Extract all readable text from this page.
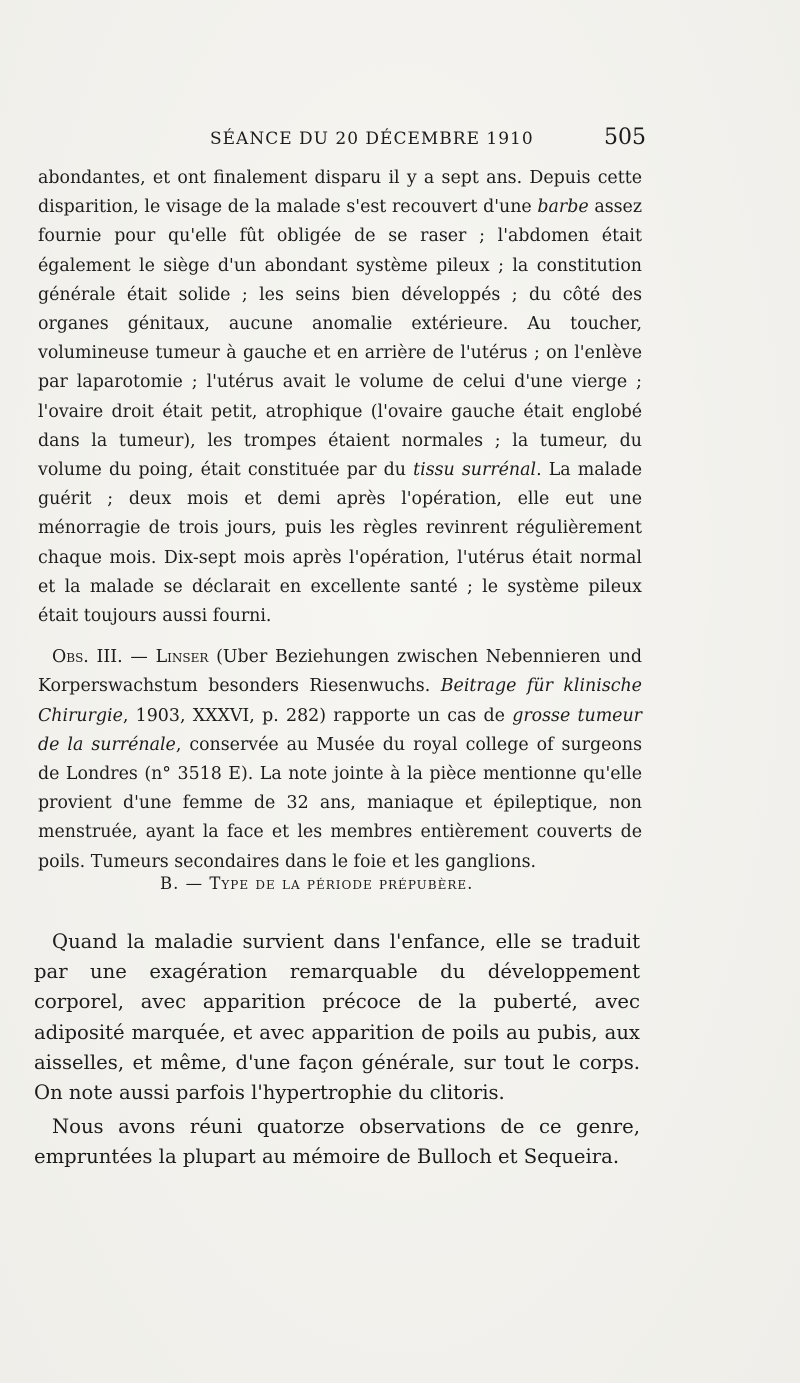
SÉANCE DU 20 DÉCEMBRE 1910	505

abondantes, et ont finalement disparu il y a sept ans. Depuis cette disparition, le visage de la malade s'est recouvert d'une barbe assez fournie pour qu'elle fût obligée de se raser ; l'abdomen était également le siège d'un abondant système pileux ; la constitution générale était solide ; les seins bien développés ; du côté des organes génitaux, aucune anomalie extérieure. Au toucher, volumineuse tumeur à gauche et en arrière de l'utérus ; on l'enlève par laparotomie ; l'utérus avait le volume de celui d'une vierge ; l'ovaire droit était petit, atrophique (l'ovaire gauche était englobé dans la tumeur), les trompes étaient normales ; la tumeur, du volume du poing, était constituée par du tissu surrénal. La malade guérit ; deux mois et demi après l'opération, elle eut une ménorragie de trois jours, puis les règles revinrent régulièrement chaque mois. Dix-sept mois après l'opération, l'utérus était normal et la malade se déclarait en excellente santé ; le système pileux était toujours aussi fourni.

Obs. III. — Linser (Uber Beziehungen zwischen Nebennieren und Korperswachstum besonders Riesenwuchs. Beitrage für klinische Chirurgie, 1903, XXXVI, p. 282) rapporte un cas de grosse tumeur de la surrénale, conservée au Musée du royal college of surgeons de Londres (n° 3518 E). La note jointe à la pièce mentionne qu'elle provient d'une femme de 32 ans, maniaque et épileptique, non menstruée, ayant la face et les membres entièrement couverts de poils. Tumeurs secondaires dans le foie et les ganglions.

B. — Type de la période prépubère.

Quand la maladie survient dans l'enfance, elle se traduit par une exagération remarquable du développement corporel, avec apparition précoce de la puberté, avec adiposité marquée, et avec apparition de poils au pubis, aux aisselles, et même, d'une façon générale, sur tout le corps. On note aussi parfois l'hypertrophie du clitoris.

Nous avons réuni quatorze observations de ce genre, empruntées la plupart au mémoire de Bulloch et Sequeira.
